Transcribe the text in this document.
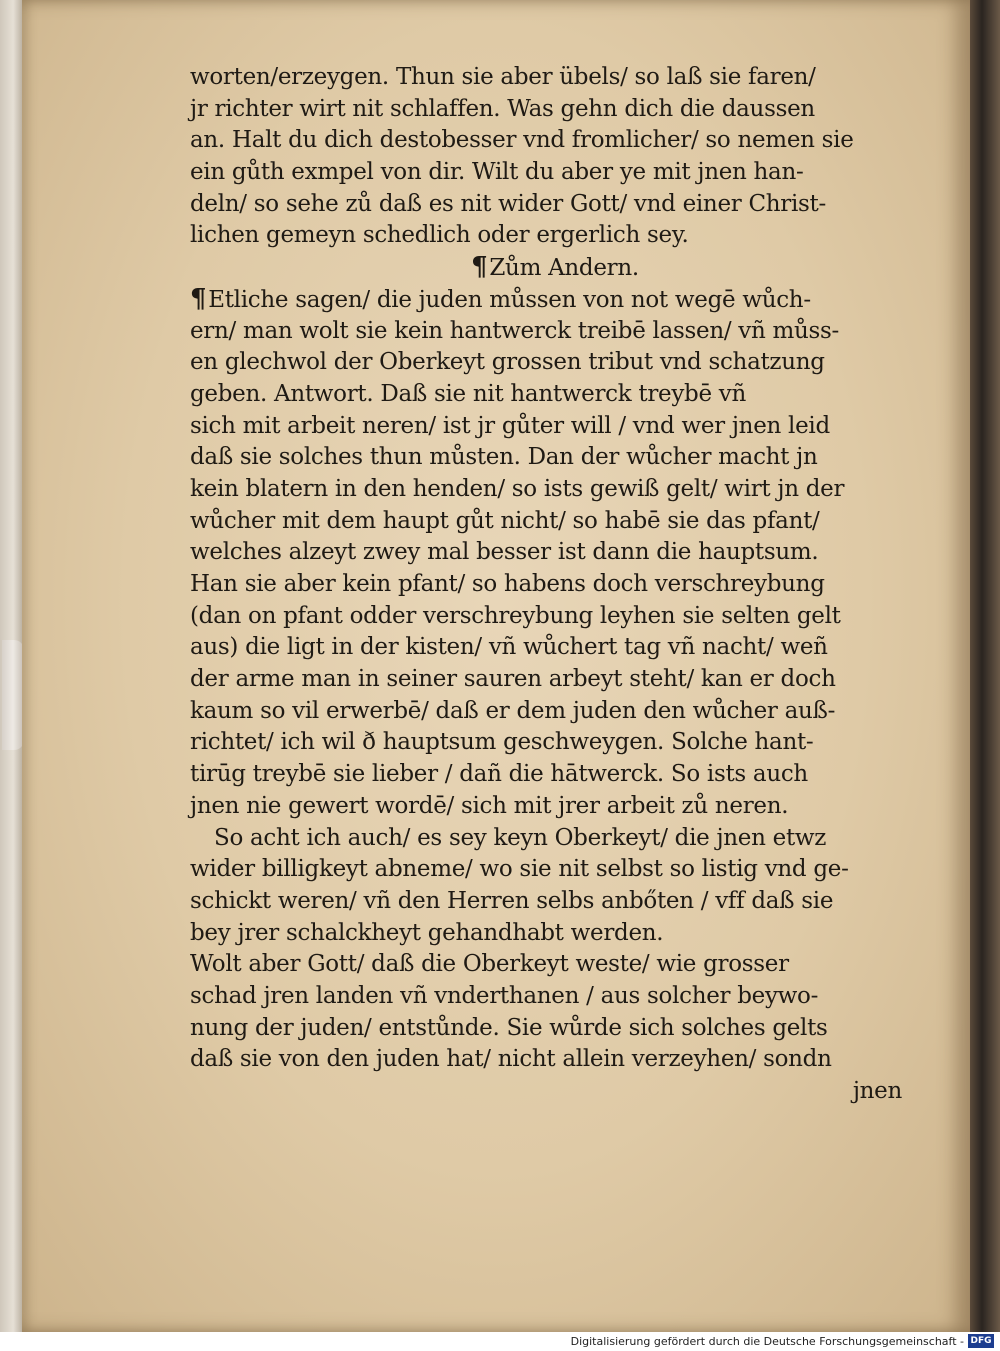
worten/erzeygen. Thun sie aber übels/ so laß sie faren/
jr richter wirt nit schlaffen. Was gehn dich die daussen
an. Halt du dich destobesser vnd fromlicher/ so nemen sie
ein gůth exmpel von dir. Wilt du aber ye mit jnen han-
deln/ so sehe zů daß es nit wider Gott/ vnd einer Christ-
lichen gemeyn schedlich oder ergerlich sey.
¶Zům Andern.
¶Etliche sagen/ die juden můssen von not wegē wůch-
ern/ man wolt sie kein hantwerck treibē lassen/ vñ můss-
en glechwol der Oberkeyt grossen tribut vnd schatzung
geben. Antwort. Daß sie nit hantwerck treybē vñ
sich mit arbeit neren/ ist jr gůter will / vnd wer jnen leid
daß sie solches thun můsten. Dan der wůcher macht jn
kein blatern in den henden/ so ists gewiß gelt/ wirt jn der
wůcher mit dem haupt gůt nicht/ so habē sie das pfant/
welches alzeyt zwey mal besser ist dann die hauptsum.
Han sie aber kein pfant/ so habens doch verschreybung
(dan on pfant odder verschreybung leyhen sie selten gelt
aus) die ligt in der kisten/ vñ wůchert tag vñ nacht/ weñ
der arme man in seiner sauren arbeyt steht/ kan er doch
kaum so vil erwerbē/ daß er dem juden den wůcher auß-
richtet/ ich wil ð hauptsum geschweygen. Solche hant-
tirūg treybē sie lieber / dañ die hātwerck. So ists auch
jnen nie gewert wordē/ sich mit jrer arbeit zů neren.
So acht ich auch/ es sey keyn Oberkeyt/ die jnen etwz
wider billigkeyt abneme/ wo sie nit selbst so listig vnd ge-
schickt weren/ vñ den Herren selbs anbőten / vff daß sie
bey jrer schalckheyt gehandhabt werden.
Wolt aber Gott/ daß die Oberkeyt weste/ wie grosser
schad jren landen vñ vnderthanen / aus solcher beywo-
nung der juden/ entstůnde. Sie wůrde sich solches gelts
daß sie von den juden hat/ nicht allein verzeyhen/ sondn
jnen
Digitalisierung gefördert durch die Deutsche Forschungsgemeinschaft - DFG
